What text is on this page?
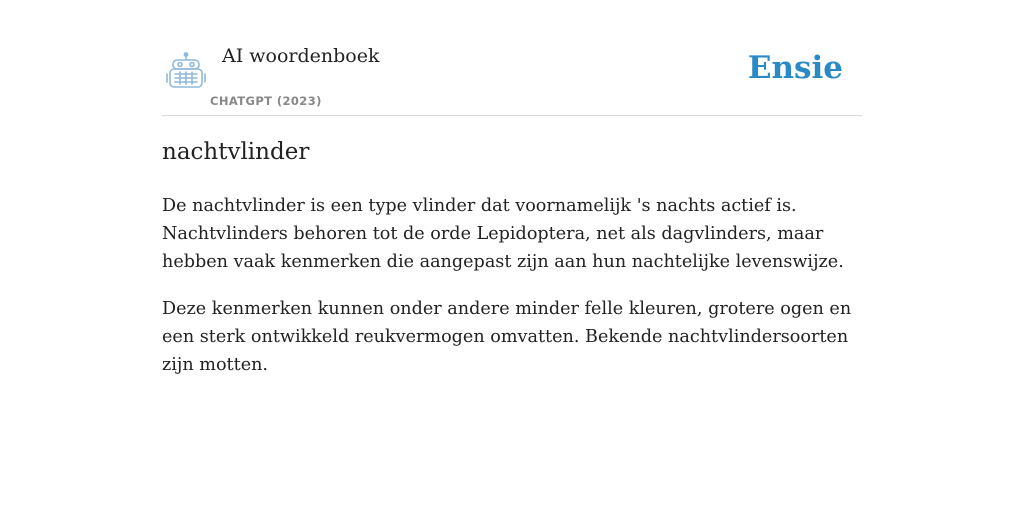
AI woordenboek
CHATGPT (2023)
Ensie
nachtvlinder

De nachtvlinder is een type vlinder dat voornamelijk 's nachts actief is. Nachtvlinders behoren tot de orde Lepidoptera, net als dagvlinders, maar hebben vaak kenmerken die aangepast zijn aan hun nachtelijke levenswijze.

Deze kenmerken kunnen onder andere minder felle kleuren, grotere ogen en een sterk ontwikkeld reukvermogen omvatten. Bekende nachtvlindersoorten zijn motten.
